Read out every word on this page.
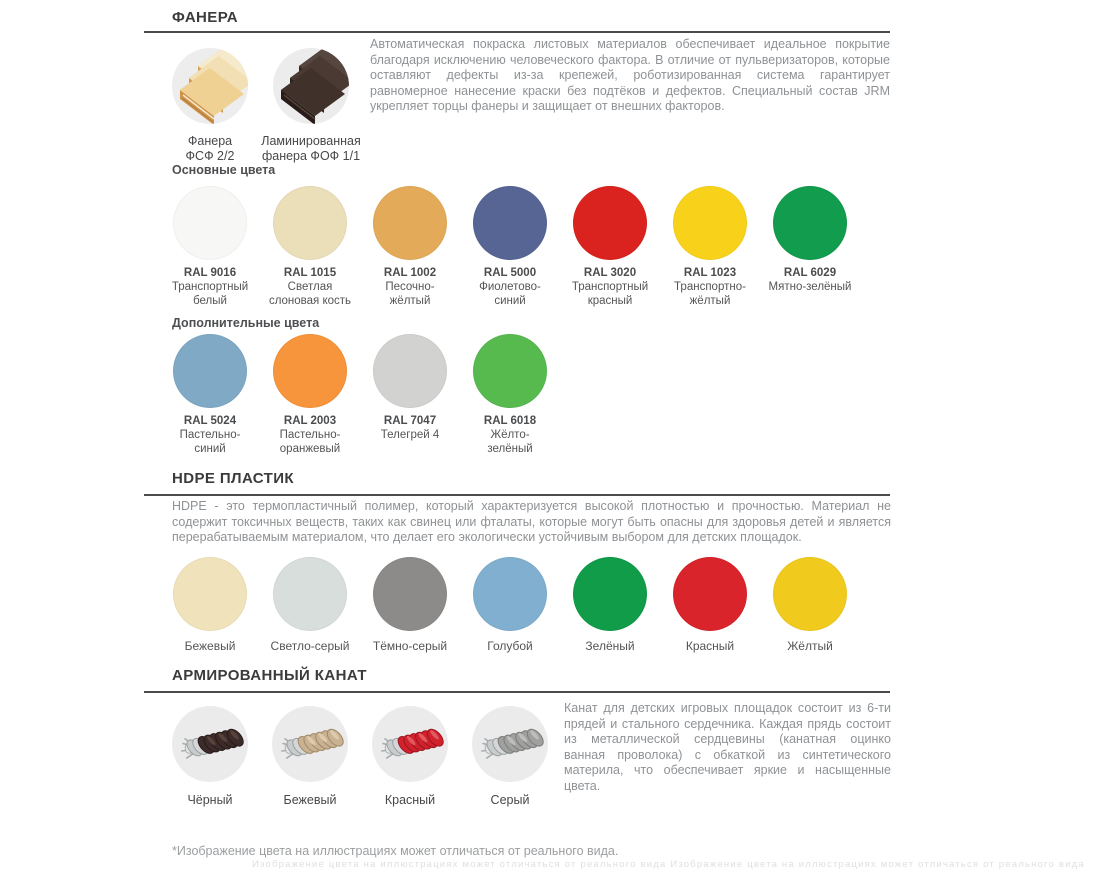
ФАНЕРА
Фанера
ФСФ 2/2
Ламинированная
фанера ФОФ 1/1
Автоматическая покраска листовых материалов обеспечивает идеальное покрытие благодаря исключению человеческого фактора. В отличие от пульверизаторов, которые оставляют дефекты из-за крепежей, роботизированная система гарантирует равномерное нанесение краски без подтёков и дефектов. Специальный состав JRM укрепляет торцы фанеры и защищает от внешних факторов.
Основные цвета
RAL 9016
Транспортный
белый
RAL 1015
Светлая
слоновая кость
RAL 1002
Песочно-
жёлтый
RAL 5000
Фиолетово-
синий
RAL 3020
Транспортный
красный
RAL 1023
Транспортно-
жёлтый
RAL 6029
Мятно-зелёный
Дополнительные цвета
RAL 5024
Пастельно-
синий
RAL 2003
Пастельно-
оранжевый
RAL 7047
Телегрей 4
RAL 6018
Жёлто-
зелёный
HDPE ПЛАСТИК
HDPE - это термопластичный полимер, который характеризуется высокой плотностью и прочностью. Материал не содержит токсичных веществ, таких как свинец или фталаты, которые могут быть опасны для здоровья детей и является перерабатываемым материалом, что делает его экологически устойчивым выбором для детских площадок.
Бежевый	Светло-серый	Тёмно-серый	Голубой	Зелёный	Красный	Жёлтый
АРМИРОВАННЫЙ КАНАТ
Чёрный	Бежевый	Красный	Серый
Канат для детских игровых площадок состоит из 6-ти прядей и стального сердечника. Каждая прядь состоит из металлической сердцевины (канатная оцинко ванная проволока) с обкаткой из синтетического материла, что обеспечивает яркие и насыщенные цвета.
*Изображение цвета на иллюстрациях может отличаться от реального вида.
Изображение цвета на иллюстрациях может отличаться от реального вида Изображение цвета на иллюстрациях может отличаться от реального вида
